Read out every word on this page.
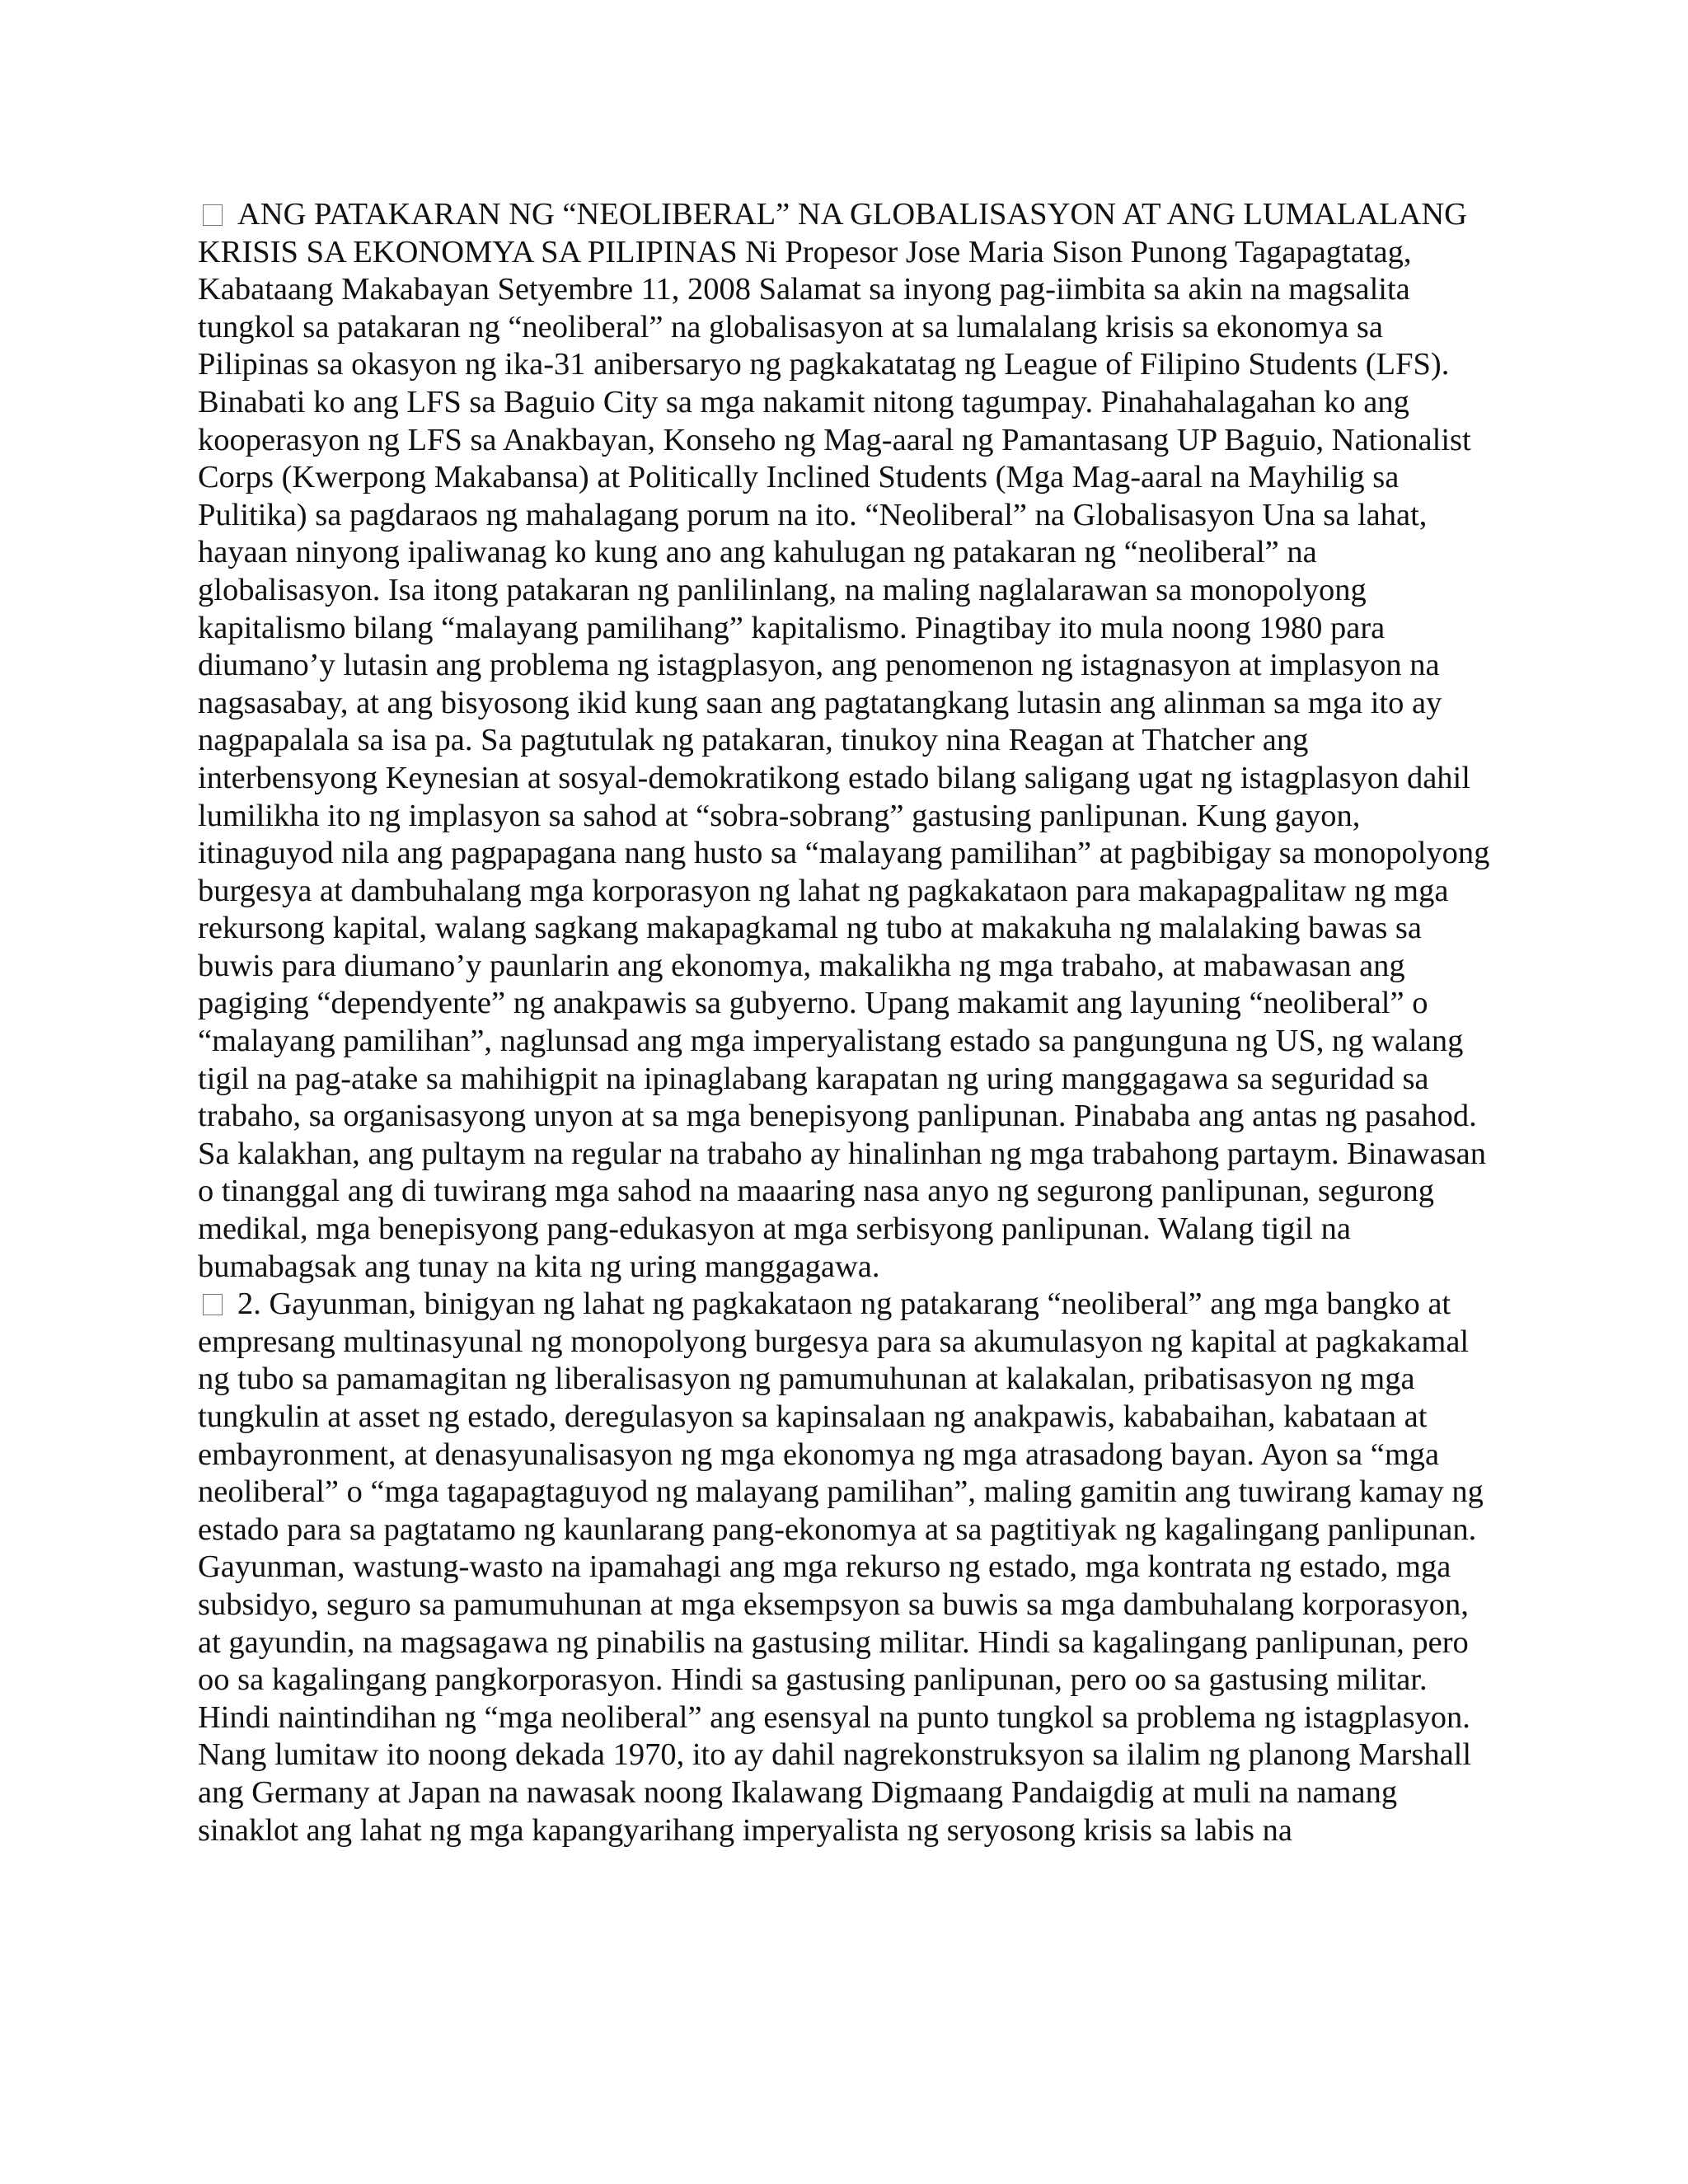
ANG PATAKARAN NG “NEOLIBERAL” NA GLOBALISASYON AT ANG LUMALALANG KRISIS SA EKONOMYA SA PILIPINAS Ni Propesor Jose Maria Sison Punong Tagapagtatag, Kabataang Makabayan Setyembre 11, 2008 Salamat sa inyong pag-iimbita sa akin na magsalita tungkol sa patakaran ng “neoliberal” na globalisasyon at sa lumalalang krisis sa ekonomya sa Pilipinas sa okasyon ng ika-31 anibersaryo ng pagkakatatag ng League of Filipino Students (LFS). Binabati ko ang LFS sa Baguio City sa mga nakamit nitong tagumpay. Pinahahalagahan ko ang kooperasyon ng LFS sa Anakbayan, Konseho ng Mag-aaral ng Pamantasang UP Baguio, Nationalist Corps (Kwerpong Makabansa) at Politically Inclined Students (Mga Mag-aaral na Mayhilig sa Pulitika) sa pagdaraos ng mahalagang porum na ito. “Neoliberal” na Globalisasyon Una sa lahat, hayaan ninyong ipaliwanag ko kung ano ang kahulugan ng patakaran ng “neoliberal” na globalisasyon. Isa itong patakaran ng panlilinlang, na maling naglalarawan sa monopolyong kapitalismo bilang “malayang pamilihang” kapitalismo. Pinagtibay ito mula noong 1980 para diumano’y lutasin ang problema ng istagplasyon, ang penomenon ng istagnasyon at implasyon na nagsasabay, at ang bisyosong ikid kung saan ang pagtatangkang lutasin ang alinman sa mga ito ay nagpapalala sa isa pa. Sa pagtutulak ng patakaran, tinukoy nina Reagan at Thatcher ang interbensyong Keynesian at sosyal-demokratikong estado bilang saligang ugat ng istagplasyon dahil lumilikha ito ng implasyon sa sahod at “sobra-sobrang” gastusing panlipunan. Kung gayon, itinaguyod nila ang pagpapagana nang husto sa “malayang pamilihan” at pagbibigay sa monopolyong burgesya at dambuhalang mga korporasyon ng lahat ng pagkakataon para makapagpalitaw ng mga rekursong kapital, walang sagkang makapagkamal ng tubo at makakuha ng malalaking bawas sa buwis para diumano’y paunlarin ang ekonomya, makalikha ng mga trabaho, at mabawasan ang pagiging “dependyente” ng anakpawis sa gubyerno. Upang makamit ang layuning “neoliberal” o “malayang pamilihan”, naglunsad ang mga imperyalistang estado sa pangunguna ng US, ng walang tigil na pag-atake sa mahihigpit na ipinaglabang karapatan ng uring manggagawa sa seguridad sa trabaho, sa organisasyong unyon at sa mga benepisyong panlipunan. Pinababa ang antas ng pasahod. Sa kalakhan, ang pultaym na regular na trabaho ay hinalinhan ng mga trabahong partaym. Binawasan o tinanggal ang di tuwirang mga sahod na maaaring nasa anyo ng segurong panlipunan, segurong medikal, mga benepisyong pang-edukasyon at mga serbisyong panlipunan. Walang tigil na bumabagsak ang tunay na kita ng uring manggagawa.

2. Gayunman, binigyan ng lahat ng pagkakataon ng patakarang “neoliberal” ang mga bangko at empresang multinasyunal ng monopolyong burgesya para sa akumulasyon ng kapital at pagkakamal ng tubo sa pamamagitan ng liberalisasyon ng pamumuhunan at kalakalan, pribatisasyon ng mga tungkulin at asset ng estado, deregulasyon sa kapinsalaan ng anakpawis, kababaihan, kabataan at embayronment, at denasyunalisasyon ng mga ekonomya ng mga atrasadong bayan. Ayon sa “mga neoliberal” o “mga tagapagtaguyod ng malayang pamilihan”, maling gamitin ang tuwirang kamay ng estado para sa pagtatamo ng kaunlarang pang-ekonomya at sa pagtitiyak ng kagalingang panlipunan. Gayunman, wastung-wasto na ipamahagi ang mga rekurso ng estado, mga kontrata ng estado, mga subsidyo, seguro sa pamumuhunan at mga eksempsyon sa buwis sa mga dambuhalang korporasyon, at gayundin, na magsagawa ng pinabilis na gastusing militar. Hindi sa kagalingang panlipunan, pero oo sa kagalingang pangkorporasyon. Hindi sa gastusing panlipunan, pero oo sa gastusing militar. Hindi naintindihan ng “mga neoliberal” ang esensyal na punto tungkol sa problema ng istagplasyon. Nang lumitaw ito noong dekada 1970, ito ay dahil nagrekonstruksyon sa ilalim ng planong Marshall ang Germany at Japan na nawasak noong Ikalawang Digmaang Pandaigdig at muli na namang sinaklot ang lahat ng mga kapangyarihang imperyalista ng seryosong krisis sa labis na
